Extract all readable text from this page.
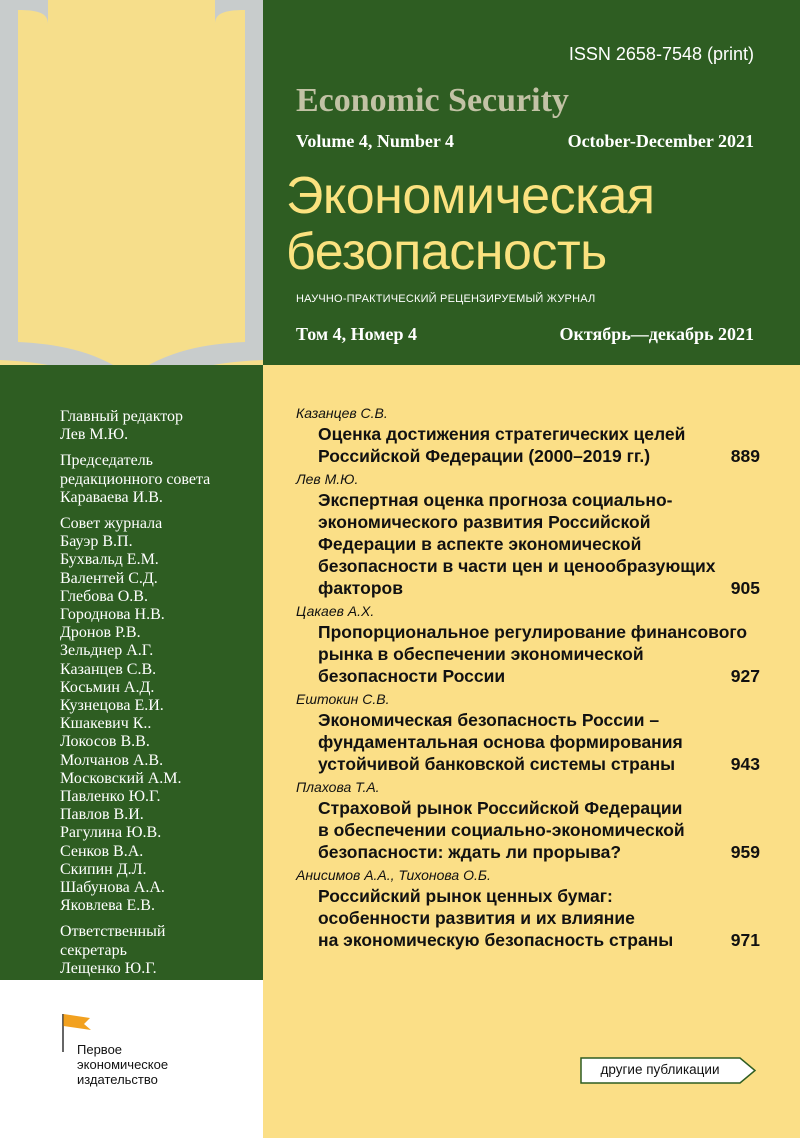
ISSN 2658-7548 (print)
Economic Security
Volume 4, Number 4	October-December 2021
Экономическая
безопасность
НАУЧНО-ПРАКТИЧЕСКИЙ РЕЦЕНЗИРУЕМЫЙ ЖУРНАЛ
Том 4, Номер 4	Октябрь—декабрь 2021
Главный редактор
Лев М.Ю.
Председатель
редакционного совета
Караваева И.В.
Совет журнала
Бауэр В.П.
Бухвальд Е.М.
Валентей С.Д.
Глебова О.В.
Городнова Н.В.
Дронов Р.В.
Зельднер А.Г.
Казанцев С.В.
Косьмин А.Д.
Кузнецова Е.И.
Кшакевич К..
Локосов В.В.
Молчанов А.В.
Московский А.М.
Павленко Ю.Г.
Павлов В.И.
Рагулина Ю.В.
Сенков В.А.
Скипин Д.Л.
Шабунова А.А.
Яковлева Е.В.
Ответственный
секретарь
Лещенко Ю.Г.
Первое
экономическое
издательство
Казанцев С.В.
Оценка достижения стратегических целей
Российской Федерации (2000–2019 гг.)	889
Лев М.Ю.
Экспертная оценка прогноза социально-
экономического развития Российской
Федерации в аспекте экономической
безопасности в части цен и ценообразующих
факторов	905
Цакаев А.Х.
Пропорциональное регулирование финансового
рынка в обеспечении экономической
безопасности России	927
Ештокин С.В.
Экономическая безопасность России –
фундаментальная основа формирования
устойчивой банковской системы страны	943
Плахова Т.А.
Страховой рынок Российской Федерации
в обеспечении социально-экономической
безопасности: ждать ли прорыва?	959
Анисимов А.А., Тихонова О.Б.
Российский рынок ценных бумаг:
особенности развития и их влияние
на экономическую безопасность страны	971
другие публикации
